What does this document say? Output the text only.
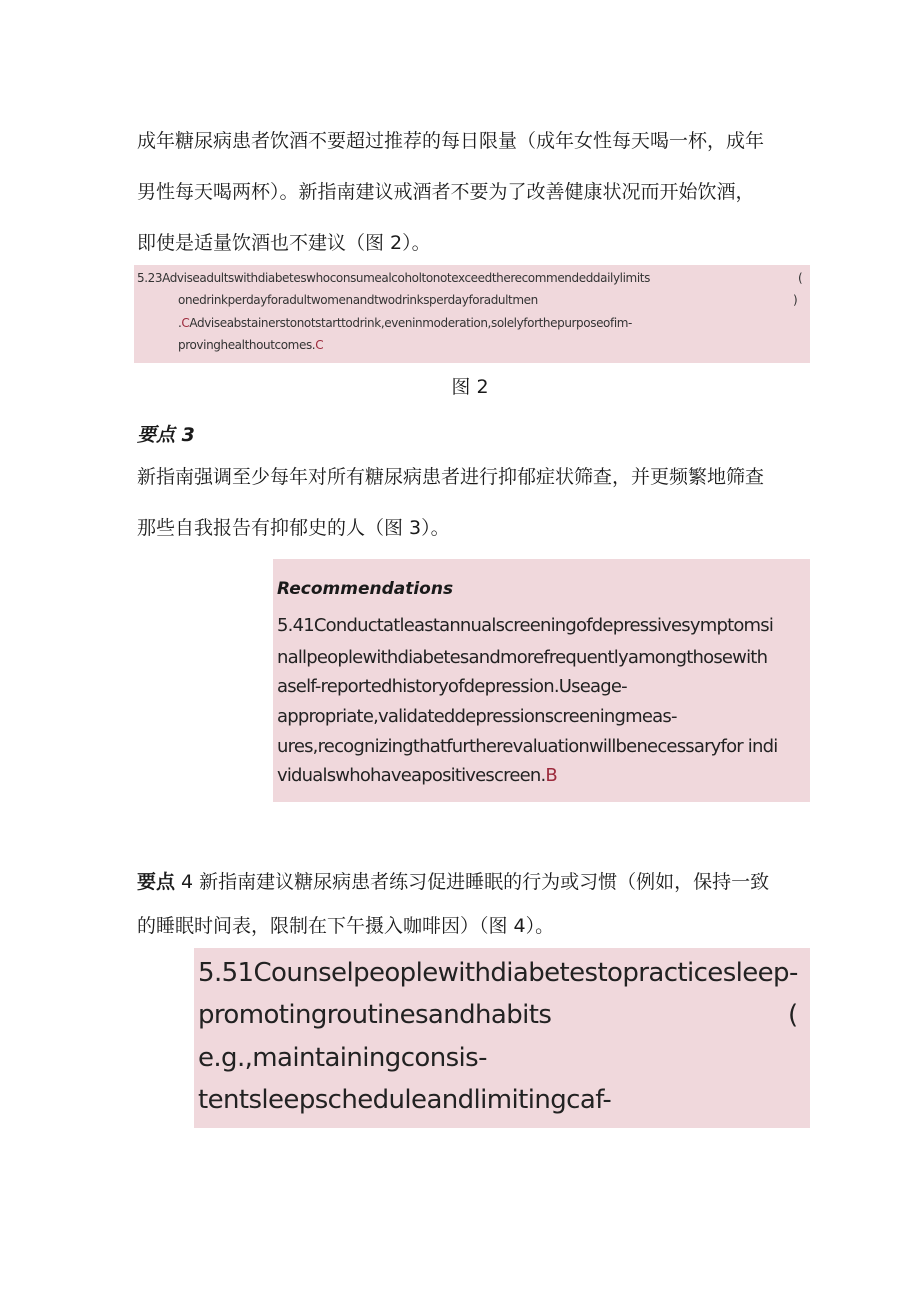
成年糖尿病患者饮酒不要超过推荐的每日限量（成年女性每天喝一杯，成年
男性每天喝两杯）。新指南建议戒酒者不要为了改善健康状况而开始饮酒，
即使是适量饮酒也不建议（图 2）。
5.23Adviseadultswithdiabeteswhoconsumealcoholtonotexceedtherecommendeddailylimits	(
onedrinkperdayforadultwomenandtwodrinksperdayforadultmen	)
.CAdviseabstainerstonotstarttodrink,eveninmoderation,solelyforthepurposeofim-
provinghealthoutcomes.C
图 2
要点 3
新指南强调至少每年对所有糖尿病患者进行抑郁症状筛查，并更频繁地筛查
那些自我报告有抑郁史的人（图 3）。
Recommendations
5.41Conductatleastannualscreeningofdepressivesymptomsi
nallpeoplewithdiabetesandmorefrequentlyamongthosewith
aself-reportedhistoryofdepression.Useage-
appropriate,validateddepressionscreeningmeas-
ures,recognizingthatfurtherevaluationwillbenecessaryfor indi
vidualswhohaveapositivescreen.B
要点 4 新指南建议糖尿病患者练习促进睡眠的行为或习惯（例如，保持一致
的睡眠时间表，限制在下午摄入咖啡因）（图 4）。
5.51Counselpeoplewithdiabetestopracticesleep-
promotingroutinesandhabits	(
e.g.,maintainingconsis-
tentsleepscheduleandlimitingcaf-
